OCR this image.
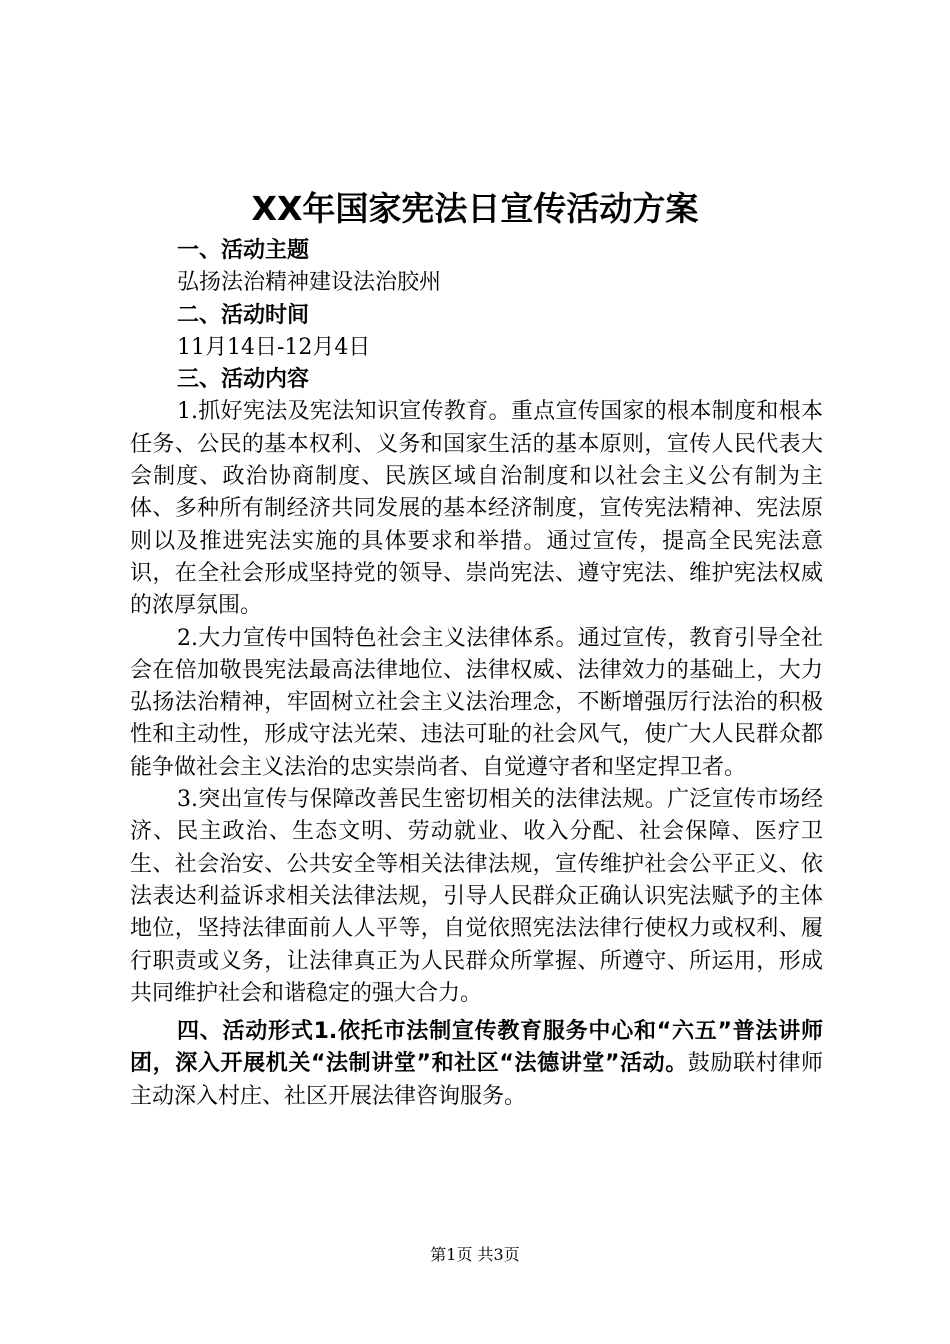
XX年国家宪法日宣传活动方案

一、活动主题

弘扬法治精神建设法治胶州

二、活动时间

11月14日-12月4日

三、活动内容

1.抓好宪法及宪法知识宣传教育。重点宣传国家的根本制度和根本任务、公民的基本权利、义务和国家生活的基本原则，宣传人民代表大会制度、政治协商制度、民族区域自治制度和以社会主义公有制为主体、多种所有制经济共同发展的基本经济制度，宣传宪法精神、宪法原则以及推进宪法实施的具体要求和举措。通过宣传，提高全民宪法意识，在全社会形成坚持党的领导、崇尚宪法、遵守宪法、维护宪法权威的浓厚氛围。

2.大力宣传中国特色社会主义法律体系。通过宣传，教育引导全社会在倍加敬畏宪法最高法律地位、法律权威、法律效力的基础上，大力弘扬法治精神，牢固树立社会主义法治理念，不断增强厉行法治的积极性和主动性，形成守法光荣、违法可耻的社会风气，使广大人民群众都能争做社会主义法治的忠实崇尚者、自觉遵守者和坚定捍卫者。

3.突出宣传与保障改善民生密切相关的法律法规。广泛宣传市场经济、民主政治、生态文明、劳动就业、收入分配、社会保障、医疗卫生、社会治安、公共安全等相关法律法规，宣传维护社会公平正义、依法表达利益诉求相关法律法规，引导人民群众正确认识宪法赋予的主体地位，坚持法律面前人人平等，自觉依照宪法法律行使权力或权利、履行职责或义务，让法律真正为人民群众所掌握、所遵守、所运用，形成共同维护社会和谐稳定的强大合力。

四、活动形式1.依托市法制宣传教育服务中心和“六五”普法讲师团，深入开展机关“法制讲堂”和社区“法德讲堂”活动。鼓励联村律师主动深入村庄、社区开展法律咨询服务。

第1页 共3页
